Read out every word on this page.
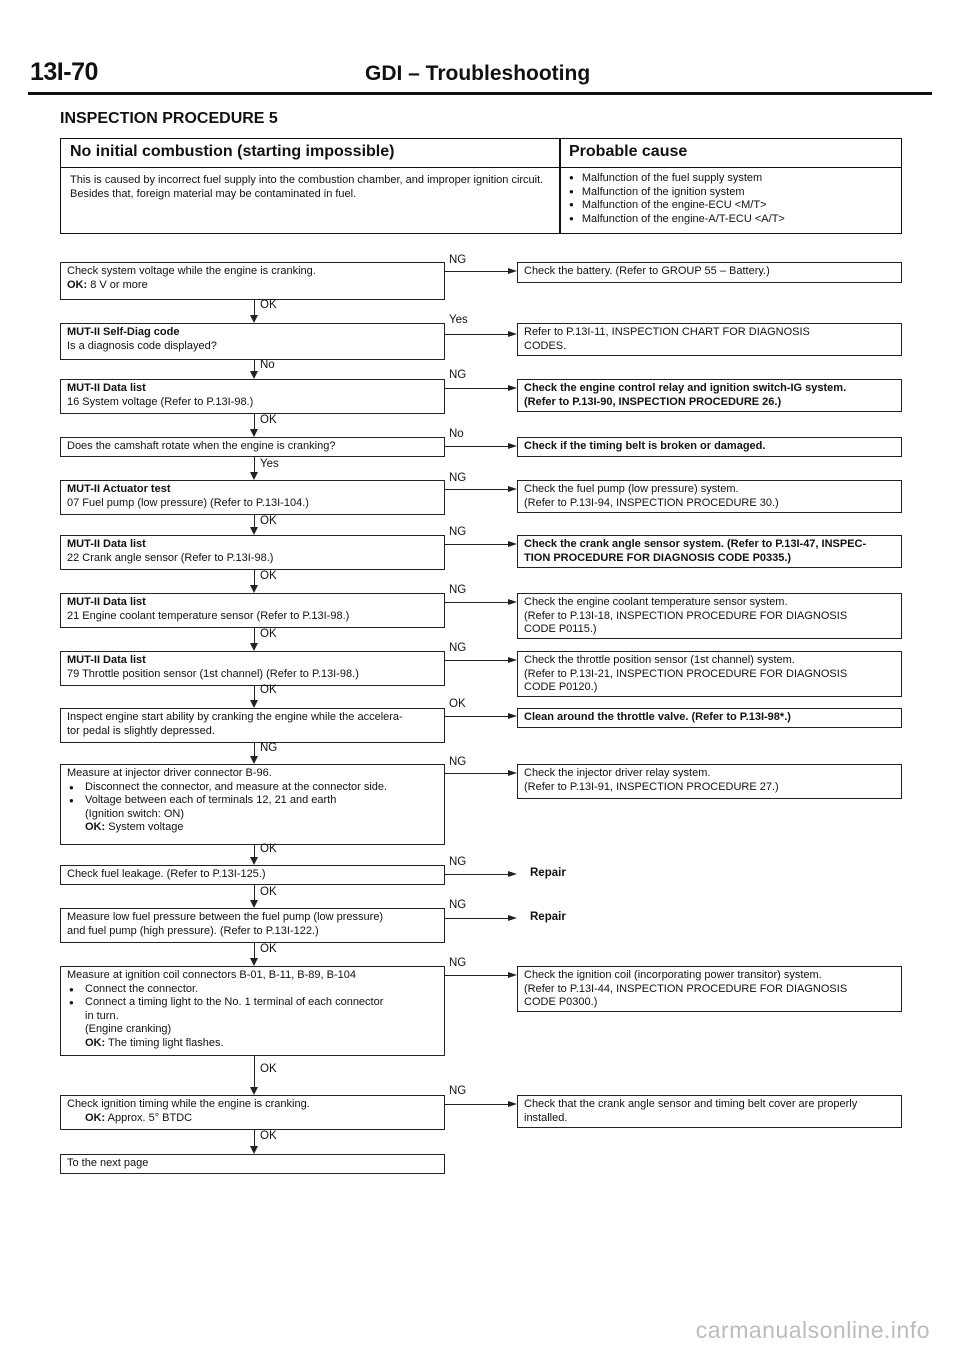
13I-70	GDI – Troubleshooting
INSPECTION PROCEDURE 5
No initial combustion (starting impossible)	Probable cause
This is caused by incorrect fuel supply into the combustion chamber, and improper ignition circuit. Besides that, foreign material may be contaminated in fuel.
● Malfunction of the fuel supply system
● Malfunction of the ignition system
● Malfunction of the engine-ECU <M/T>
● Malfunction of the engine-A/T-ECU <A/T>
Check system voltage while the engine is cranking.
OK: 8 V or more
MUT-II Self-Diag code
Is a diagnosis code displayed?
MUT-II Data list
16 System voltage (Refer to P.13I-98.)
Does the camshaft rotate when the engine is cranking?
MUT-II Actuator test
07 Fuel pump (low pressure) (Refer to P.13I-104.)
MUT-II Data list
22 Crank angle sensor (Refer to P.13I-98.)
MUT-II Data list
21 Engine coolant temperature sensor (Refer to P.13I-98.)
MUT-II Data list
79 Throttle position sensor (1st channel) (Refer to P.13I-98.)
Inspect engine start ability by cranking the engine while the accelera-
tor pedal is slightly depressed.
Measure at injector driver connector B-96.
● Disconnect the connector, and measure at the connector side.
● Voltage between each of terminals 12, 21 and earth
(Ignition switch: ON)
OK: System voltage
Check fuel leakage. (Refer to P.13I-125.)
Measure low fuel pressure between the fuel pump (low pressure)
and fuel pump (high pressure). (Refer to P.13I-122.)
Measure at ignition coil connectors B-01, B-11, B-89, B-104
● Connect the connector.
● Connect a timing light to the No. 1 terminal of each connector
in turn.
(Engine cranking)
OK: The timing light flashes.
Check ignition timing while the engine is cranking.
OK: Approx. 5° BTDC
To the next page
Check the battery. (Refer to GROUP 55 – Battery.)
Refer to P.13I-11, INSPECTION CHART FOR DIAGNOSIS
CODES.
Check the engine control relay and ignition switch-IG system.
(Refer to P.13I-90, INSPECTION PROCEDURE 26.)
Check if the timing belt is broken or damaged.
Check the fuel pump (low pressure) system.
(Refer to P.13I-94, INSPECTION PROCEDURE 30.)
Check the crank angle sensor system. (Refer to P.13I-47, INSPEC-
TION PROCEDURE FOR DIAGNOSIS CODE P0335.)
Check the engine coolant temperature sensor system.
(Refer to P.13I-18, INSPECTION PROCEDURE FOR DIAGNOSIS
CODE P0115.)
Check the throttle position sensor (1st channel) system.
(Refer to P.13I-21, INSPECTION PROCEDURE FOR DIAGNOSIS
CODE P0120.)
Clean around the throttle valve. (Refer to P.13I-98*.)
Check the injector driver relay system.
(Refer to P.13I-91, INSPECTION PROCEDURE 27.)
Repair
Repair
Check the ignition coil (incorporating power transitor) system.
(Refer to P.13I-44, INSPECTION PROCEDURE FOR DIAGNOSIS
CODE P0300.)
Check that the crank angle sensor and timing belt cover are properly
installed.
OK
No
OK
Yes
OK
OK
OK
OK
NG
OK
OK
OK
OK
OK
NG
Yes
NG
No
NG
NG
NG
NG
OK
NG
NG
NG
NG
NG
carmanualsonline.info
